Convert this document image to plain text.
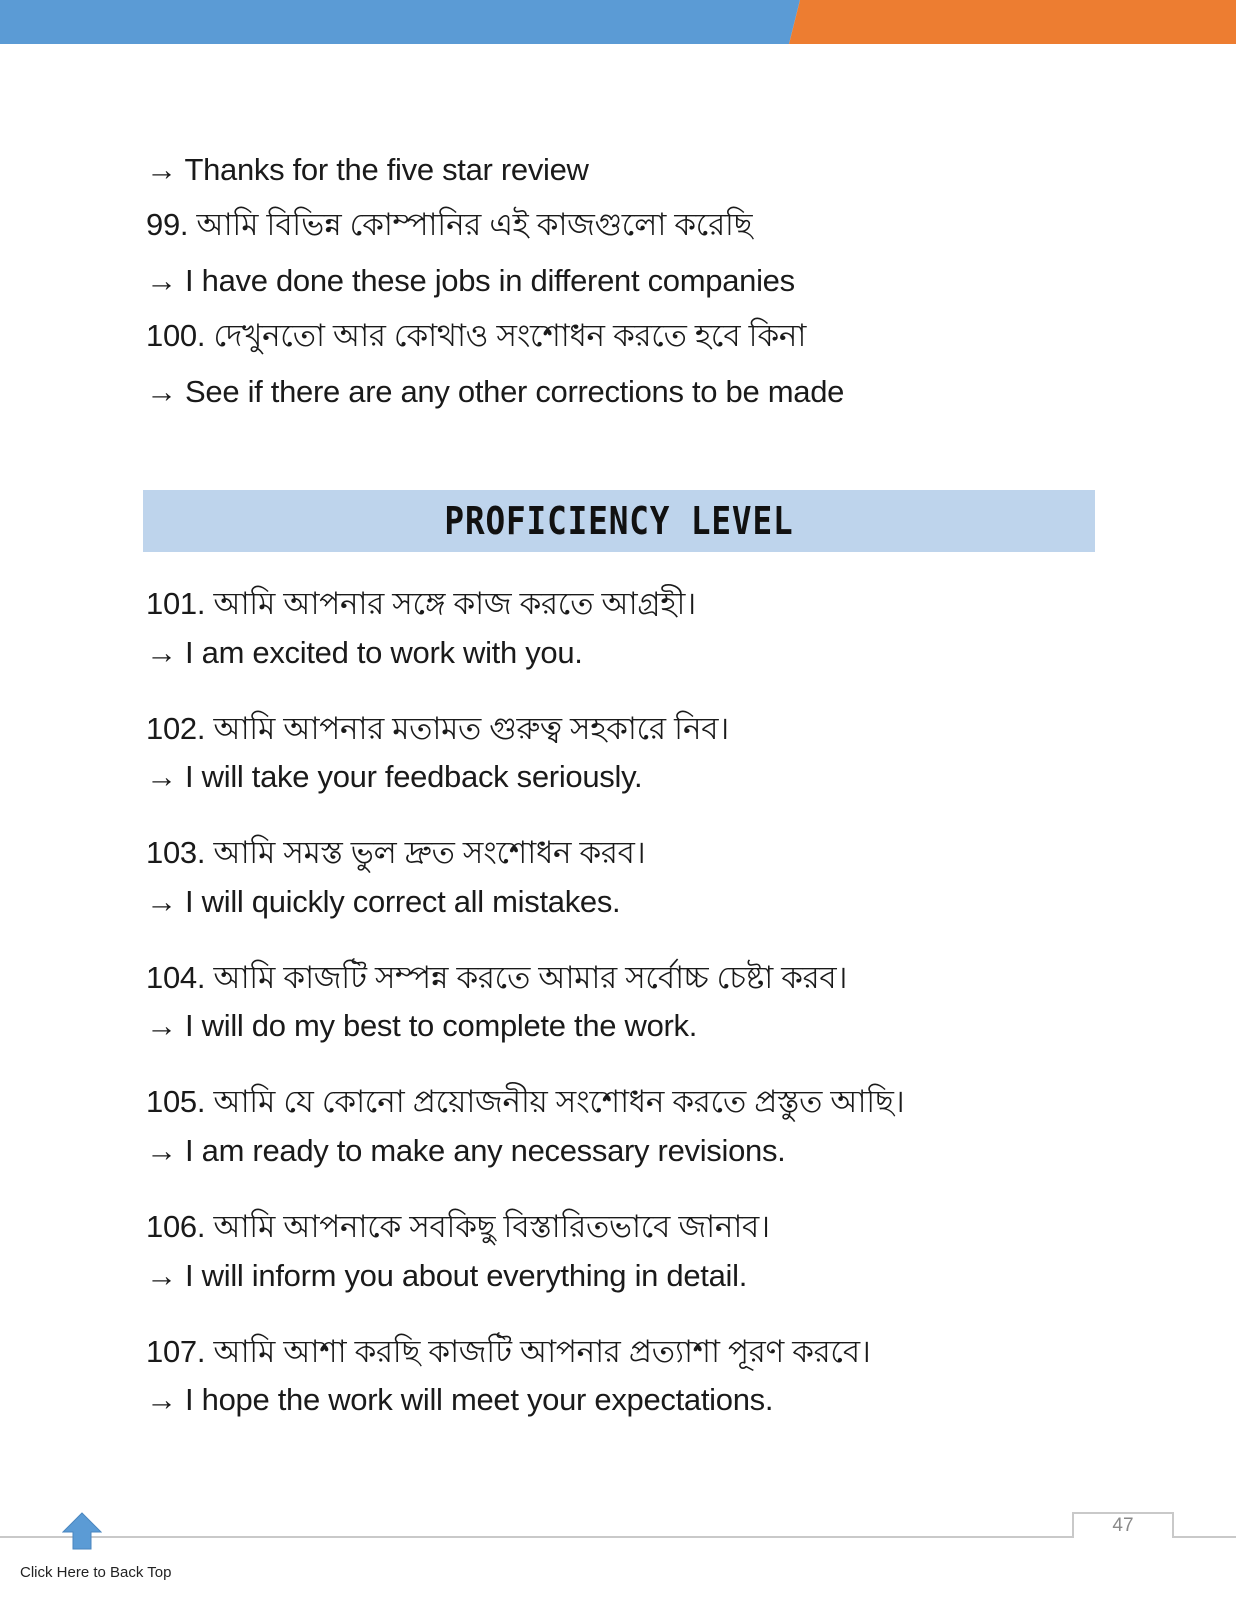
→ Thanks for the five star review
99. আমি বিভিন্ন কোম্পানির এই কাজগুলো করেছি
→ I have done these jobs in different companies
100. দেখুনতো আর কোথাও সংশোধন করতে হবে কিনা
→ See if there are any other corrections to be made
101. আমি আপনার সঙ্গে কাজ করতে আগ্রহী।
→ I am excited to work with you.
102. আমি আপনার মতামত গুরুত্ব সহকারে নিব।
→ I will take your feedback seriously.
103. আমি সমস্ত ভুল দ্রুত সংশোধন করব।
→ I will quickly correct all mistakes.
104. আমি কাজটি সম্পন্ন করতে আমার সর্বোচ্চ চেষ্টা করব।
→ I will do my best to complete the work.
105. আমি যে কোনো প্রয়োজনীয় সংশোধন করতে প্রস্তুত আছি।
→ I am ready to make any necessary revisions.
106. আমি আপনাকে সবকিছু বিস্তারিতভাবে জানাব।
→ I will inform you about everything in detail.
107. আমি আশা করছি কাজটি আপনার প্রত্যাশা পূরণ করবে।
→ I hope the work will meet your expectations.
PROFICIENCY LEVEL
47
Click Here to Back Top
